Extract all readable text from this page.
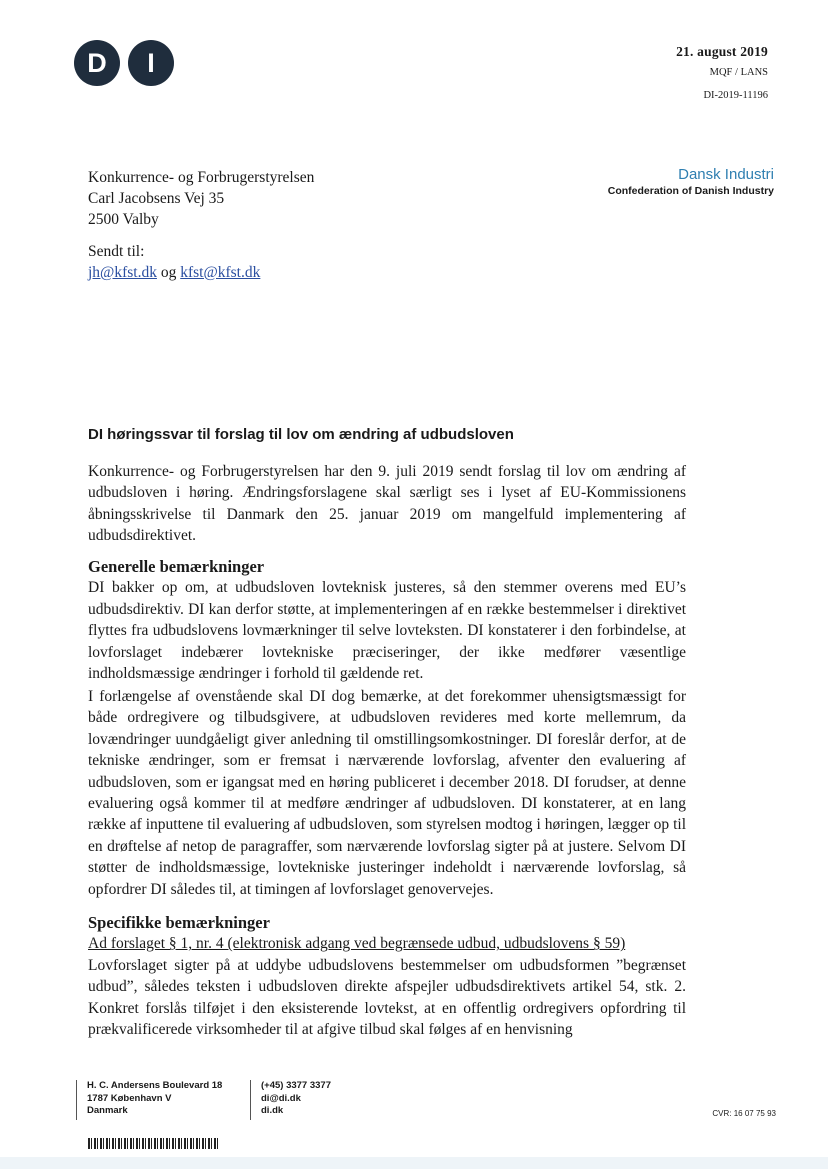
D	I	21. august 2019
MQF / LANS
DI-2019-11196
Konkurrence- og Forbrugerstyrelsen
Carl Jacobsens Vej 35
2500 Valby
Dansk Industri
Confederation of Danish Industry
Sendt til:
jh@kfst.dk og kfst@kfst.dk
DI høringssvar til forslag til lov om ændring af udbudsloven

Konkurrence- og Forbrugerstyrelsen har den 9. juli 2019 sendt forslag til lov om ændring af udbudsloven i høring. Ændringsforslagene skal særligt ses i lyset af EU-Kommissionens åbningsskrivelse til Danmark den 25. januar 2019 om mangelfuld implementering af udbudsdirektivet.

Generelle bemærkninger

DI bakker op om, at udbudsloven lovteknisk justeres, så den stemmer overens med EU’s udbudsdirektiv. DI kan derfor støtte, at implementeringen af en række bestemmelser i direktivet flyttes fra udbudslovens lovmærkninger til selve lovteksten. DI konstaterer i den forbindelse, at lovforslaget indebærer lovtekniske præciseringer, der ikke medfører væsentlige indholdsmæssige ændringer i forhold til gældende ret.

I forlængelse af ovenstående skal DI dog bemærke, at det forekommer uhensigtsmæssigt for både ordregivere og tilbudsgivere, at udbudsloven revideres med korte mellemrum, da lovændringer uundgåeligt giver anledning til omstillingsomkostninger. DI foreslår derfor, at de tekniske ændringer, som er fremsat i nærværende lovforslag, afventer den evaluering af udbudsloven, som er igangsat med en høring publiceret i december 2018. DI forudser, at denne evaluering også kommer til at medføre ændringer af udbudsloven. DI konstaterer, at en lang række af inputtene til evaluering af udbudsloven, som styrelsen modtog i høringen, lægger op til en drøftelse af netop de paragraffer, som nærværende lovforslag sigter på at justere. Selvom DI støtter de indholdsmæssige, lovtekniske justeringer indeholdt i nærværende lovforslag, så opfordrer DI således til, at timingen af lovforslaget genovervejes.

Specifikke bemærkninger
Ad forslaget § 1, nr. 4 (elektronisk adgang ved begrænsede udbud, udbudslovens § 59)

Lovforslaget sigter på at uddybe udbudslovens bestemmelser om udbudsformen ”begrænset udbud”, således teksten i udbudsloven direkte afspejler udbudsdirektivets artikel 54, stk. 2. Konkret forslås tilføjet i den eksisterende lovtekst, at en offentlig ordregivers opfordring til prækvalificerede virksomheder til at afgive tilbud skal følges af en henvisning

H. C. Andersens Boulevard 18
1787 København V
Danmark
(+45) 3377 3377
di@di.dk
di.dk	CVR: 16 07 75 93
